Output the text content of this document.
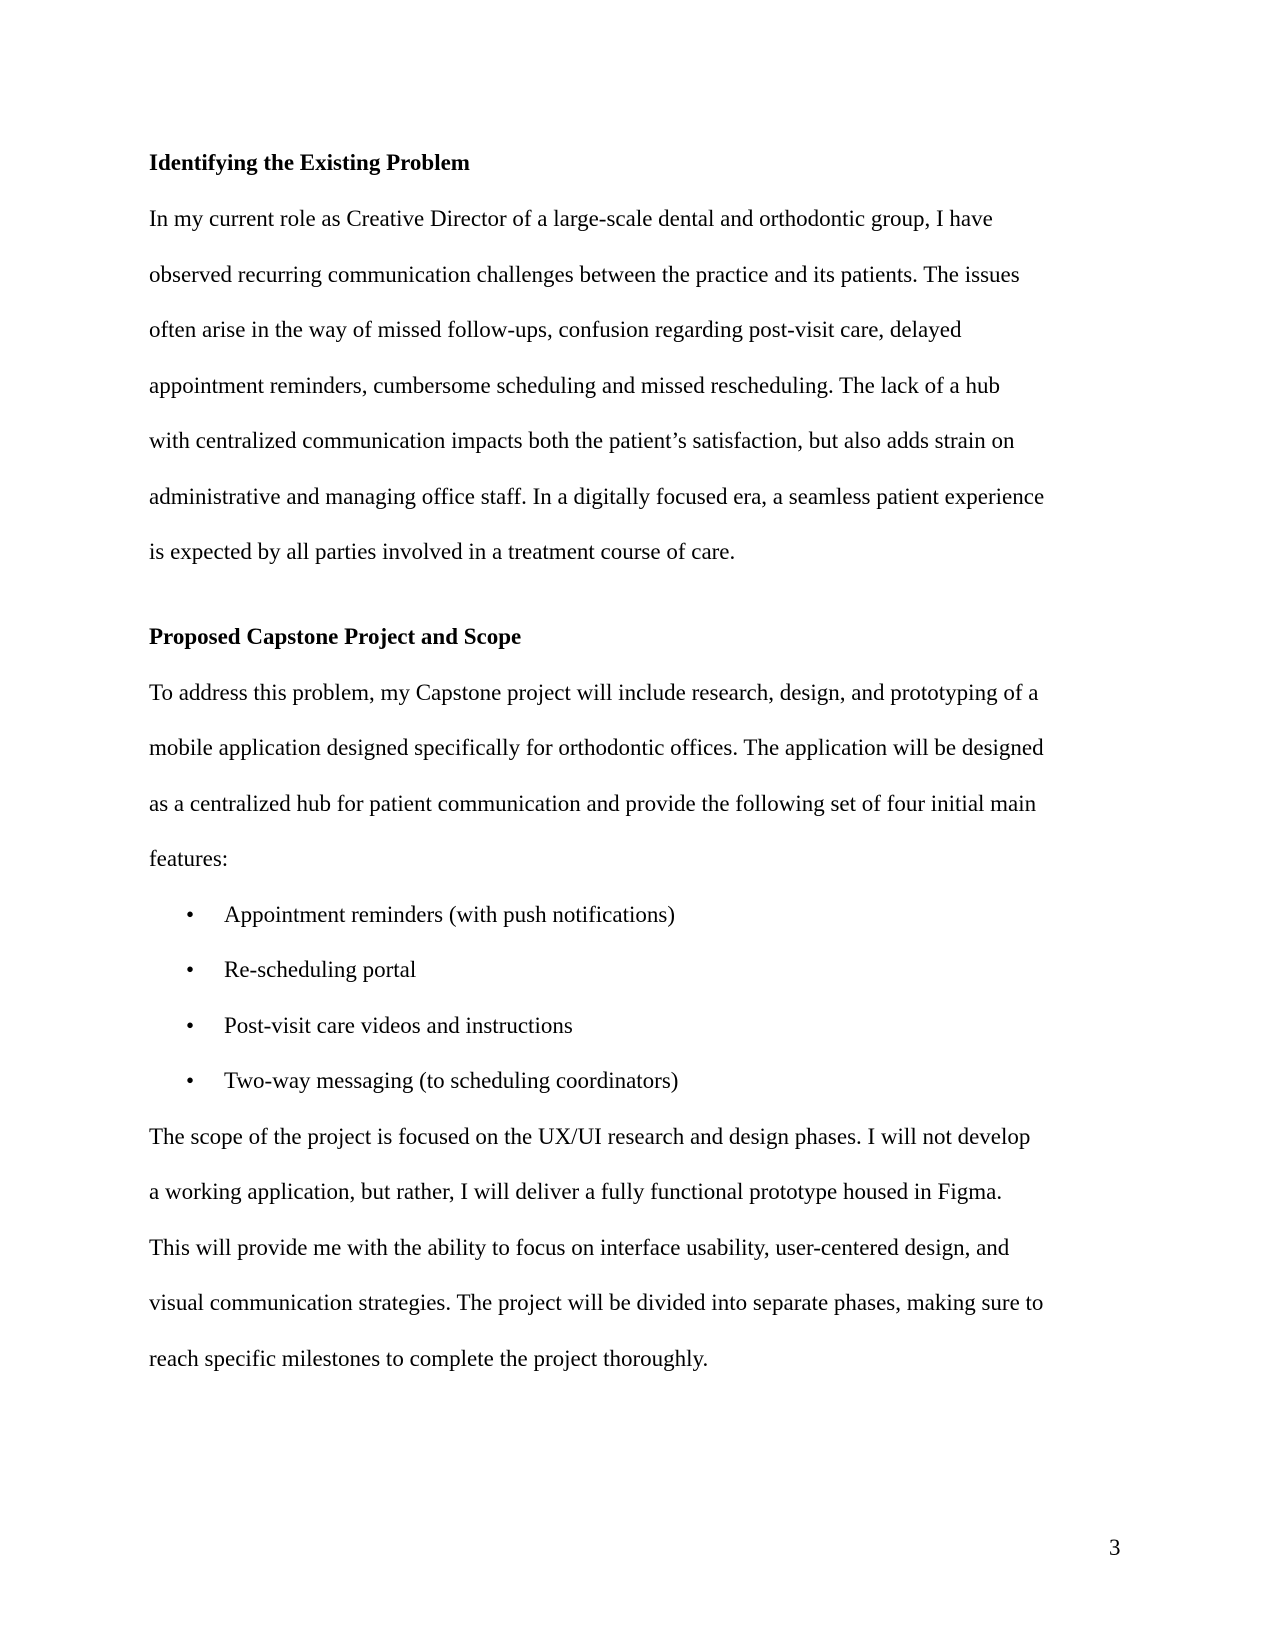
Identifying the Existing Problem
In my current role as Creative Director of a large-scale dental and orthodontic group, I have
observed recurring communication challenges between the practice and its patients. The issues
often arise in the way of missed follow-ups, confusion regarding post-visit care, delayed
appointment reminders, cumbersome scheduling and missed rescheduling. The lack of a hub
with centralized communication impacts both the patient’s satisfaction, but also adds strain on
administrative and managing office staff. In a digitally focused era, a seamless patient experience
is expected by all parties involved in a treatment course of care.
Proposed Capstone Project and Scope
To address this problem, my Capstone project will include research, design, and prototyping of a
mobile application designed specifically for orthodontic offices. The application will be designed
as a centralized hub for patient communication and provide the following set of four initial main
features:
• Appointment reminders (with push notifications)
• Re-scheduling portal
• Post-visit care videos and instructions
• Two-way messaging (to scheduling coordinators)
The scope of the project is focused on the UX/UI research and design phases. I will not develop
a working application, but rather, I will deliver a fully functional prototype housed in Figma.
This will provide me with the ability to focus on interface usability, user-centered design, and
visual communication strategies. The project will be divided into separate phases, making sure to
reach specific milestones to complete the project thoroughly.
3
